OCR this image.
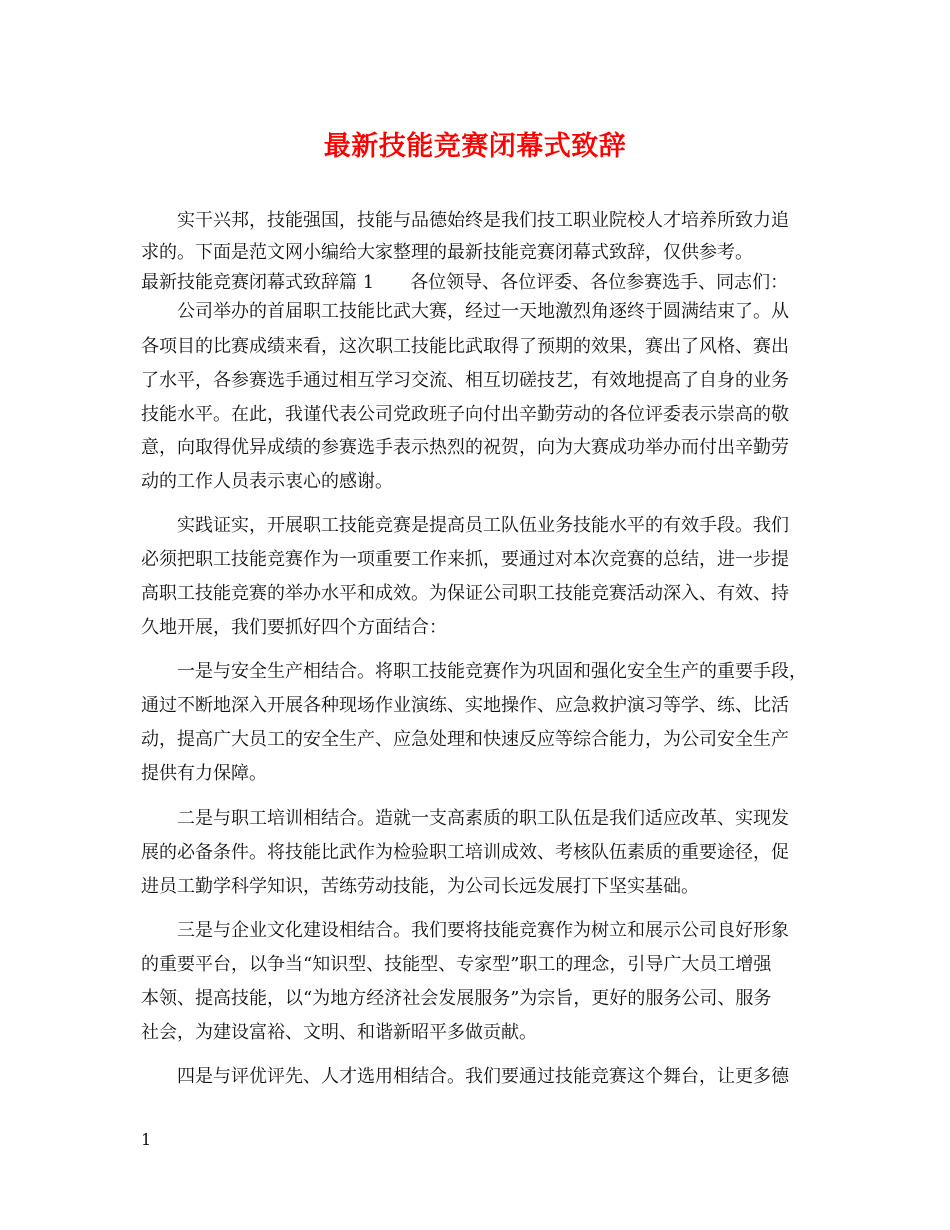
最新技能竞赛闭幕式致辞
　　实干兴邦，技能强国，技能与品德始终是我们技工职业院校人才培养所致力追
求的。下面是范文网小编给大家整理的最新技能竞赛闭幕式致辞，仅供参考。
最新技能竞赛闭幕式致辞篇 1　　各位领导、各位评委、各位参赛选手、同志们：
　　公司举办的首届职工技能比武大赛，经过一天地激烈角逐终于圆满结束了。从
各项目的比赛成绩来看，这次职工技能比武取得了预期的效果，赛出了风格、赛出
了水平，各参赛选手通过相互学习交流、相互切磋技艺，有效地提高了自身的业务
技能水平。在此，我谨代表公司党政班子向付出辛勤劳动的各位评委表示崇高的敬
意，向取得优异成绩的参赛选手表示热烈的祝贺，向为大赛成功举办而付出辛勤劳
动的工作人员表示衷心的感谢。
　　实践证实，开展职工技能竞赛是提高员工队伍业务技能水平的有效手段。我们
必须把职工技能竞赛作为一项重要工作来抓，要通过对本次竞赛的总结，进一步提
高职工技能竞赛的举办水平和成效。为保证公司职工技能竞赛活动深入、有效、持
久地开展，我们要抓好四个方面结合：
　　一是与安全生产相结合。将职工技能竞赛作为巩固和强化安全生产的重要手段，
通过不断地深入开展各种现场作业演练、实地操作、应急救护演习等学、练、比活
动，提高广大员工的安全生产、应急处理和快速反应等综合能力，为公司安全生产
提供有力保障。
　　二是与职工培训相结合。造就一支高素质的职工队伍是我们适应改革、实现发
展的必备条件。将技能比武作为检验职工培训成效、考核队伍素质的重要途径，促
进员工勤学科学知识，苦练劳动技能，为公司长远发展打下坚实基础。
　　三是与企业文化建设相结合。我们要将技能竞赛作为树立和展示公司良好形象
的重要平台，以争当“知识型、技能型、专家型”职工的理念，引导广大员工增强
本领、提高技能，以“为地方经济社会发展服务”为宗旨，更好的服务公司、服务
社会，为建设富裕、文明、和谐新昭平多做贡献。
　　四是与评优评先、人才选用相结合。我们要通过技能竞赛这个舞台，让更多德
1
